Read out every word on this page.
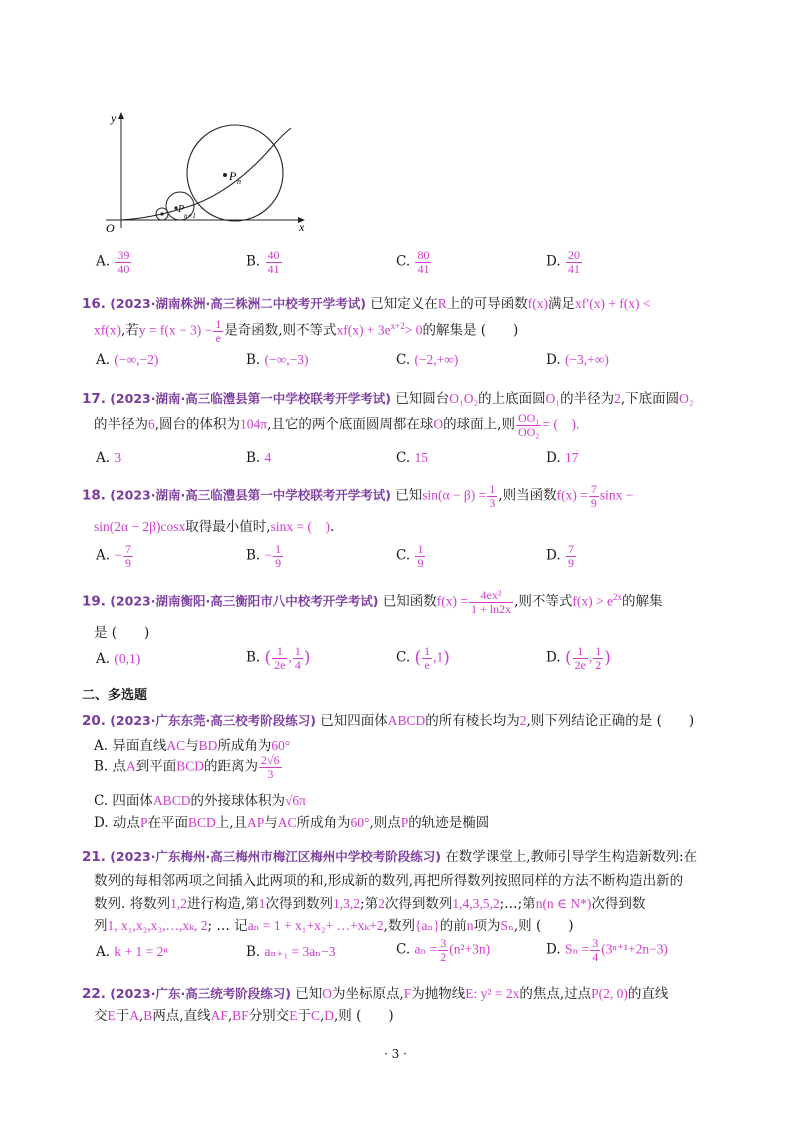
y
x
O
P n
P
n+1
A. $\frac{39}{40}$	B. $\frac{40}{41}$	C. $\frac{80}{41}$	D. $\frac{20}{41}$
16. (2023·湖南株洲·高三株洲二中校考开学考试) 已知定义在R上的可导函数f(x)满足xf′(x) + f(x) <
xf(x),若$y = f(x - 3) - \frac{1}{e}$ 是奇函数,则不等式$xf(x) + 3e^{x+2}> 0$的解集是 (　　)
A. (−∞,−2)	B. (−∞,−3)	C. (−2,+∞)	D. (−3,+∞)
17. (2023·湖南·高三临澧县第一中学校联考开学考试) 已知圆台O₁O₂的上底面圆O₁的半径为2,下底面圆O₂
的半径为6,圆台的体积为104π,且它的两个底面圆周都在球O的球面上,则 $\frac{\text{OO₁}}{\text{OO₂}}$ = (　).
A. 3	B. 4	C. 15	D. 17
18. (2023·湖南·高三临澧县第一中学校联考开学考试) 已知$\sin(\alpha - \beta) = \frac{1}{3}$ ,则当函数$f(x) = \frac{7}{9}$ sinx −
sin(2α − 2β)cosx取得最小值时,sinx = (　).
A. − $\frac{7}{9}$	B. − $\frac{1}{9}$	C. $\frac{1}{9}$	D. $\frac{7}{9}$
19. (2023·湖南衡阳·高三衡阳市八中校考开学考试) 已知函数$f(x) = \frac{\text{4ex²}}{1 + \ln 2x}$ ,则不等式$f(x) > e^{2x}$的解集
是 (　　)
A. (0,1)	B. ( $\frac{1}{2e}$ , $\frac{1}{4}$ )	C. ( $\frac{1}{e} ,1$)	D. ( $\frac{1}{2e}$ , $\frac{1}{2}$ )
二、多选题
20. (2023·广东东莞·高三校考阶段练习) 已知四面体ABCD的所有棱长均为2,则下列结论正确的是 (　　)
A. 异面直线AC与BD所成角为60°
B. 点A到平面BCD的距离为 $\frac{2√6}{3}$
C. 四面体ABCD的外接球体积为√6π
D. 动点P在平面BCD上,且AP与AC所成角为60°,则点P的轨迹是椭圆
21. (2023·广东梅州·高三梅州市梅江区梅州中学校考阶段练习) 在数学课堂上,教师引导学生构造新数列:在
数列的每相邻两项之间插入此两项的和,形成新的数列,再把所得数列按照同样的方法不断构造出新的
数列. 将数列1,2进行构造,第1次得到数列1,3,2;第2次得到数列1,4,3,5,2;…;第n(n ∈ N*)次得到数
列1, x₁,x₂,x₃,…,xₖ, 2; … 记aₙ = 1 + x₁+x₂+ …+xₖ+2,数列{aₙ}的前n项为Sₙ,则 (　　)
A. k + 1 = 2ⁿ	B. aₙ₊₁ = 3aₙ−3	C. $a_n = \frac{3}{2} (n^2+3n)$	D. $S_n = \frac{3}{4} (3^{n+1}+2n-3)$
22. (2023·广东·高三统考阶段练习) 已知O为坐标原点,F为抛物线E: y² = 2x的焦点,过点P(2, 0)的直线
交E于A,B两点,直线AF,BF分别交E于C,D,则 (　　)
· 3 ·
